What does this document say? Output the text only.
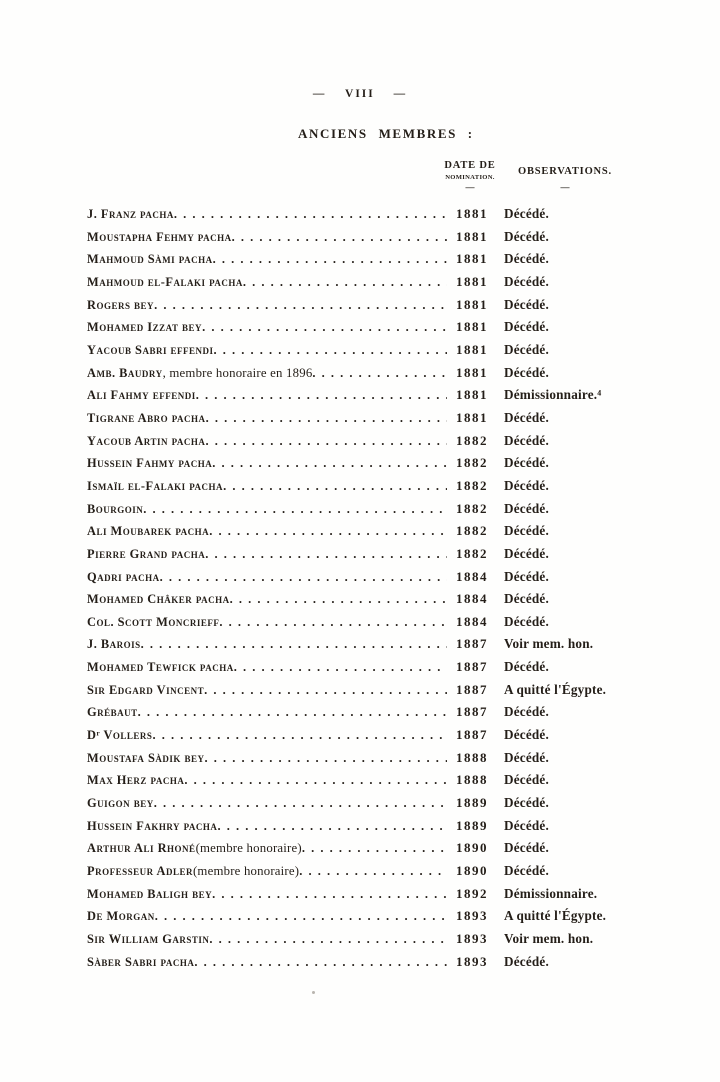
— VIII —
ANCIENS MEMBRES :
DATE DE
NOMINATION.
—
OBSERVATIONS.
—
J. Franz pacha . . .	1881	Décédé.
Moustapha Fehmy pacha . . .	1881	Décédé.
Mahmoud Sàmi pacha . . .	1881	Décédé.
Mahmoud el-Falaki pacha . . .	1881	Décédé.
Rogers bey . . .	1881	Décédé.
Mohamed Izzat bey . . .	1881	Décédé.
Yacoub Sabri effendi . . .	1881	Décédé.
Amb. Baudry , membre honoraire en 1896 . . .	1881	Décédé.
Ali Fahmy effendi . . .	1881	Démissionnaire.⁴
Tigrane Abro pacha . . .	1881	Décédé.
Yacoub Artin pacha . . .	1882	Décédé.
Hussein Fahmy pacha . . .	1882	Décédé.
Ismaïl el-Falaki pacha . . .	1882	Décédé.
Bourgoin . . .	1882	Décédé.
Ali Moubarek pacha . . .	1882	Décédé.
Pierre Grand pacha . . .	1882	Décédé.
Qadri pacha . . .	1884	Décédé.
Mohamed Châker pacha . . .	1884	Décédé.
Col. Scott Moncrieff . . .	1884	Décédé.
J. Barois . . .	1887	Voir mem. hon.
Mohamed Tewfick pacha . . .	1887	Décédé.
Sir Edgard Vincent . . .	1887	A quitté l'Égypte.
Grébaut . . .	1887	Décédé.
Dʳ Vollers . . .	1887	Décédé.
Moustafa Sàdik bey . . .	1888	Décédé.
Max Herz pacha . . .	1888	Décédé.
Guigon bey . . .	1889	Décédé.
Hussein Fakhry pacha . . .	1889	Décédé.
Arthur Ali Rhoné (membre honoraire) . . .	1890	Décédé.
Professeur Adler (membre honoraire) . . .	1890	Décédé.
Mohamed Baligh bey . . .	1892	Démissionnaire.
De Morgan . . .	1893	A quitté l'Égypte.
Sir William Garstin . . .	1893	Voir mem. hon.
Sàber Sabri pacha . . .	1893	Décédé.
